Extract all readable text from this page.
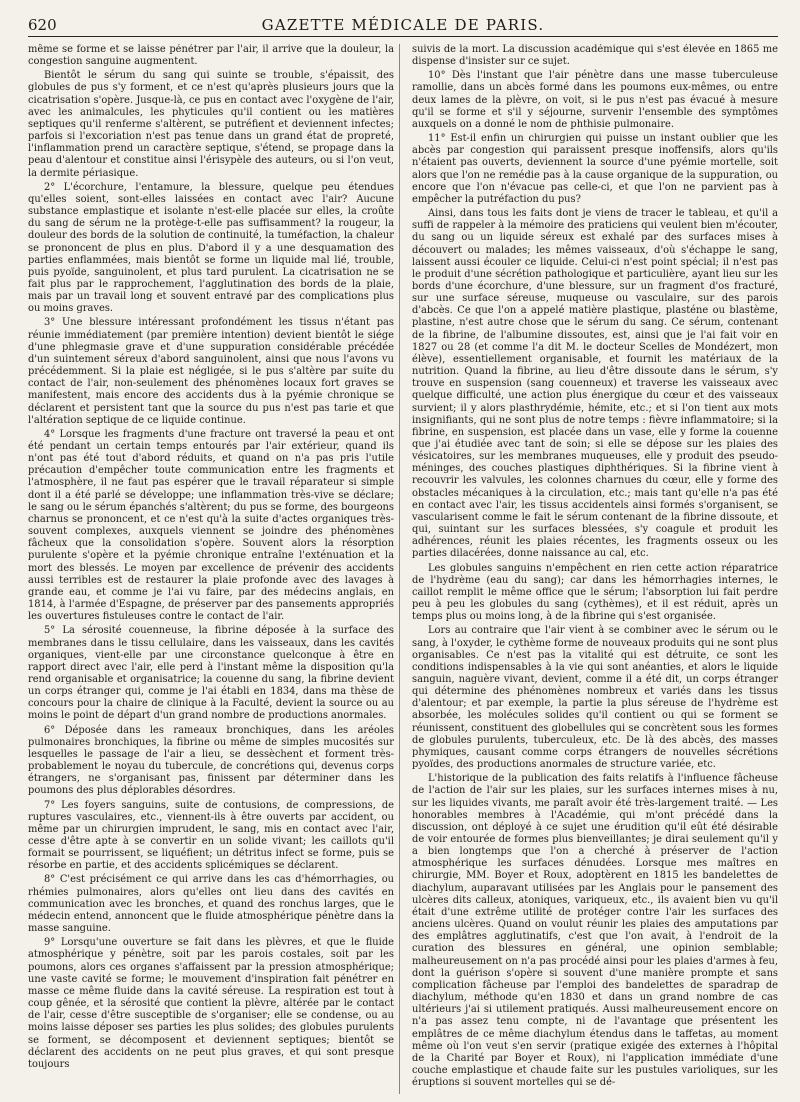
620	GAZETTE MÉDICALE DE PARIS.

même se forme et se laisse pénétrer par l'air, il arrive que la douleur, la congestion sanguine augmentent.

Bientôt le sérum du sang qui suinte se trouble, s'épaissit, des globules de pus s'y forment, et ce n'est qu'après plusieurs jours que la cicatrisation s'opère. Jusque-là, ce pus en contact avec l'oxygène de l'air, avec les animalcules, les phyticules qu'il contient ou les matières septiques qu'il renferme s'altèrent, se putréfient et deviennent infectes; parfois si l'excoriation n'est pas tenue dans un grand état de propreté, l'inflammation prend un caractère septique, s'étend, se propage dans la peau d'alentour et constitue ainsi l'érisypèle des auteurs, ou si l'on veut, la dermite périasique.

2° L'écorchure, l'entamure, la blessure, quelque peu étendues qu'elles soient, sont-elles laissées en contact avec l'air? Aucune substance emplastique et isolante n'est-elle placée sur elles, la croûte du sang de sérum ne la protège-t-elle pas suffisamment? la rougeur, la douleur des bords de la solution de continuité, la tuméfaction, la chaleur se prononcent de plus en plus. D'abord il y a une desquamation des parties enflammées, mais bientôt se forme un liquide mal lié, trouble, puis pyoïde, sanguinolent, et plus tard purulent. La cicatrisation ne se fait plus par le rapprochement, l'agglutination des bords de la plaie, mais par un travail long et souvent entravé par des complications plus ou moins graves.

3° Une blessure intéressant profondément les tissus n'étant pas réunie immédiatement (par première intention) devient bientôt le siége d'une phlegmasie grave et d'une suppuration considérable précédée d'un suintement séreux d'abord sanguinolent, ainsi que nous l'avons vu précédemment. Si la plaie est négligée, si le pus s'altère par suite du contact de l'air, non-seulement des phénomènes locaux fort graves se manifestent, mais encore des accidents dus à la pyémie chronique se déclarent et persistent tant que la source du pus n'est pas tarie et que l'altération septique de ce liquide continue.

4° Lorsque les fragments d'une fracture ont traversé la peau et ont été pendant un certain temps entourés par l'air extérieur, quand ils n'ont pas été tout d'abord réduits, et quand on n'a pas pris l'utile précaution d'empêcher toute communication entre les fragments et l'atmosphère, il ne faut pas espérer que le travail réparateur si simple dont il a été parlé se développe; une inflammation très-vive se déclare; le sang ou le sérum épanchés s'altèrent; du pus se forme, des bourgeons charnus se prononcent, et ce n'est qu'à la suite d'actes organiques très-souvent complexes, auxquels viennent se joindre des phénomènes fâcheux que la consolidation s'opère. Souvent alors la résorption purulente s'opère et la pyémie chronique entraîne l'exténuation et la mort des blessés. Le moyen par excellence de prévenir des accidents aussi terribles est de restaurer la plaie profonde avec des lavages à grande eau, et comme je l'ai vu faire, par des médecins anglais, en 1814, à l'armée d'Espagne, de préserver par des pansements appropriés les ouvertures fistuleuses contre le contact de l'air.

5° La sérosité couenneuse, la fibrine déposée à la surface des membranes dans le tissu cellulaire, dans les vaisseaux, dans les cavités organiques, vient-elle par une circonstance quelconque à être en rapport direct avec l'air, elle perd à l'instant même la disposition qu'la rend organisable et organisatrice; la couenne du sang, la fibrine devient un corps étranger qui, comme je l'ai établi en 1834, dans ma thèse de concours pour la chaire de clinique à la Faculté, devient la source ou au moins le point de départ d'un grand nombre de productions anormales.

6° Déposée dans les rameaux bronchiques, dans les aréoles pulmonaires bronchiques, la fibrine ou même de simples mucosités sur lesquelles le passage de l'air a lieu, se dessèchent et forment très-probablement le noyau du tubercule, de concrétions qui, devenus corps étrangers, ne s'organisant pas, finissent par déterminer dans les poumons des plus déplorables désordres.

7° Les foyers sanguins, suite de contusions, de compressions, de ruptures vasculaires, etc., viennent-ils à être ouverts par accident, ou même par un chirurgien imprudent, le sang, mis en contact avec l'air, cesse d'être apte à se convertir en un solide vivant; les caillots qu'il formait se pourrissent, se liquéfient; un détritus infect se forme, puis se résorbe en partie, et des accidents splicémiques se déclarent.

8° C'est précisément ce qui arrive dans les cas d'hémorrhagies, ou rhémies pulmonaires, alors qu'elles ont lieu dans des cavités en communication avec les bronches, et quand des ronchus larges, que le médecin entend, annoncent que le fluide atmosphérique pénètre dans la masse sanguine.

9° Lorsqu'une ouverture se fait dans les plèvres, et que le fluide atmosphérique y pénètre, soit par les parois costales, soit par les poumons, alors ces organes s'affaissent par la pression atmosphérique; une vaste cavité se forme; le mouvement d'inspiration fait pénétrer en masse ce même fluide dans la cavité séreuse. La respiration est tout à coup gênée, et la sérosité que contient la plèvre, altérée par le contact de l'air, cesse d'être susceptible de s'organiser; elle se condense, ou au moins laisse déposer ses parties les plus solides; des globules purulents se forment, se décomposent et deviennent septiques; bientôt se déclarent des accidents on ne peut plus graves, et qui sont presque toujours

suivis de la mort. La discussion académique qui s'est élevée en 1865 me dispense d'insister sur ce sujet.

10° Dès l'instant que l'air pénètre dans une masse tuberculeuse ramollie, dans un abcès formé dans les poumons eux-mêmes, ou entre deux lames de la plèvre, on voit, si le pus n'est pas évacué à mesure qu'il se forme et s'il y séjourne, survenir l'ensemble des symptômes auxquels on a donné le nom de phthisie pulmonaire.

11° Est-il enfin un chirurgien qui puisse un instant oublier que les abcès par congestion qui paraissent presque inoffensifs, alors qu'ils n'étaient pas ouverts, deviennent la source d'une pyémie mortelle, soit alors que l'on ne remédie pas à la cause organique de la suppuration, ou encore que l'on n'évacue pas celle-ci, et que l'on ne parvient pas à empêcher la putréfaction du pus?

Ainsi, dans tous les faits dont je viens de tracer le tableau, et qu'il a suffi de rappeler à la mémoire des praticiens qui veulent bien m'écouter, du sang ou un liquide séreux est exhalé par des surfaces mises à découvert ou malades; les mêmes vaisseaux, d'où s'échappe le sang, laissent aussi écouler ce liquide. Celui-ci n'est point spécial; il n'est pas le produit d'une sécrétion pathologique et particulière, ayant lieu sur les bords d'une écorchure, d'une blessure, sur un fragment d'os fracturé, sur une surface séreuse, muqueuse ou vasculaire, sur des parois d'abcès. Ce que l'on a appelé matière plastique, plasténe ou blastème, plastine, n'est autre chose que le sérum du sang. Ce sérum, contenant de la fibrine, de l'albumine dissoutes, est, ainsi que je l'ai fait voir en 1827 ou 28 (et comme l'a dit M. le docteur Scelles de Mondézert, mon élève), essentiellement organisable, et fournit les matériaux de la nutrition. Quand la fibrine, au lieu d'être dissoute dans le sérum, s'y trouve en suspension (sang couenneux) et traverse les vaisseaux avec quelque difficulté, une action plus énergique du cœur et des vaisseaux survient; il y alors plasthrydémie, hémite, etc.; et si l'on tient aux mots insignifiants, qui ne sont plus de notre temps : fièvre inflammatoire; si la fibrine, en suspension, est placée dans un vase, elle y forme la couenne que j'ai étudiée avec tant de soin; si elle se dépose sur les plaies des vésicatoires, sur les membranes muqueuses, elle y produit des pseudo-méninges, des couches plastiques diphthériques. Si la fibrine vient à recouvrir les valvules, les colonnes charnues du cœur, elle y forme des obstacles mécaniques à la circulation, etc.; mais tant qu'elle n'a pas été en contact avec l'air, les tissus accidentels ainsi formés s'organisent, se vascularisent comme le fait le sérum contenant de la fibrine dissoute, et qui, suintant sur les surfaces blessées, s'y coagule et produit les adhérences, réunit les plaies récentes, les fragments osseux ou les parties dilacérées, donne naissance au cal, etc.

Les globules sanguins n'empêchent en rien cette action réparatrice de l'hydrème (eau du sang); car dans les hémorrhagies internes, le caillot remplit le même office que le sérum; l'absorption lui fait perdre peu à peu les globules du sang (cythèmes), et il est réduit, après un temps plus ou moins long, à de la fibrine qui s'est organisée.

Lors au contraire que l'air vient à se combiner avec le sérum ou le sang, à l'oxyder, le cythème forme de nouveaux produits qui ne sont plus organisables. Ce n'est pas la vitalité qui est détruite, ce sont les conditions indispensables à la vie qui sont anéanties, et alors le liquide sanguin, naguère vivant, devient, comme il a été dit, un corps étranger qui détermine des phénomènes nombreux et variés dans les tissus d'alentour; et par exemple, la partie la plus séreuse de l'hydrème est absorbée, les molécules solides qu'il contient ou qui se forment se réunissent, constituent des globellules qui se concrètent sous les formes de globules purulents, tuberculeux, etc. De là des abcès, des masses phymiques, causant comme corps étrangers de nouvelles sécrétions pyoïdes, des productions anormales de structure variée, etc.

L'historique de la publication des faits relatifs à l'influence fâcheuse de l'action de l'air sur les plaies, sur les surfaces internes mises à nu, sur les liquides vivants, me paraît avoir été très-largement traité. — Les honorables membres à l'Académie, qui m'ont précédé dans la discussion, ont déployé à ce sujet une érudition qu'il eût été désirable de voir entourée de formes plus bienveillantes; je dirai seulement qu'il y a bien longtemps que l'on a cherché à préserver de l'action atmosphérique les surfaces dénudées. Lorsque mes maîtres en chirurgie, MM. Boyer et Roux, adoptèrent en 1815 les bandelettes de diachylum, auparavant utilisées par les Anglais pour le pansement des ulcères dits calleux, atoniques, variqueux, etc., ils avaient bien vu qu'il était d'une extrême utilité de protéger contre l'air les surfaces des anciens ulcères. Quand on voulut réunir les plaies des amputations par des emplâtres agglutinatifs, c'est que l'on avait, à l'endroit de la curation des blessures en général, une opinion semblable; malheureusement on n'a pas procédé ainsi pour les plaies d'armes à feu, dont la guérison s'opère si souvent d'une manière prompte et sans complication fâcheuse par l'emploi des bandelettes de sparadrap de diachylum, méthode qu'en 1830 et dans un grand nombre de cas ultérieurs j'ai si utilement pratiqués. Aussi malheureusement encore on n'a pas assez tenu compte, ni de l'avantage que présentent les emplâtres de ce même diachylum étendus dans le taffetas, au moment même où l'on veut s'en servir (pratique exigée des externes à l'hôpital de la Charité par Boyer et Roux), ni l'application immédiate d'une couche emplastique et chaude faite sur les pustules varioliques, sur les éruptions si souvent mortelles qui se dé-
